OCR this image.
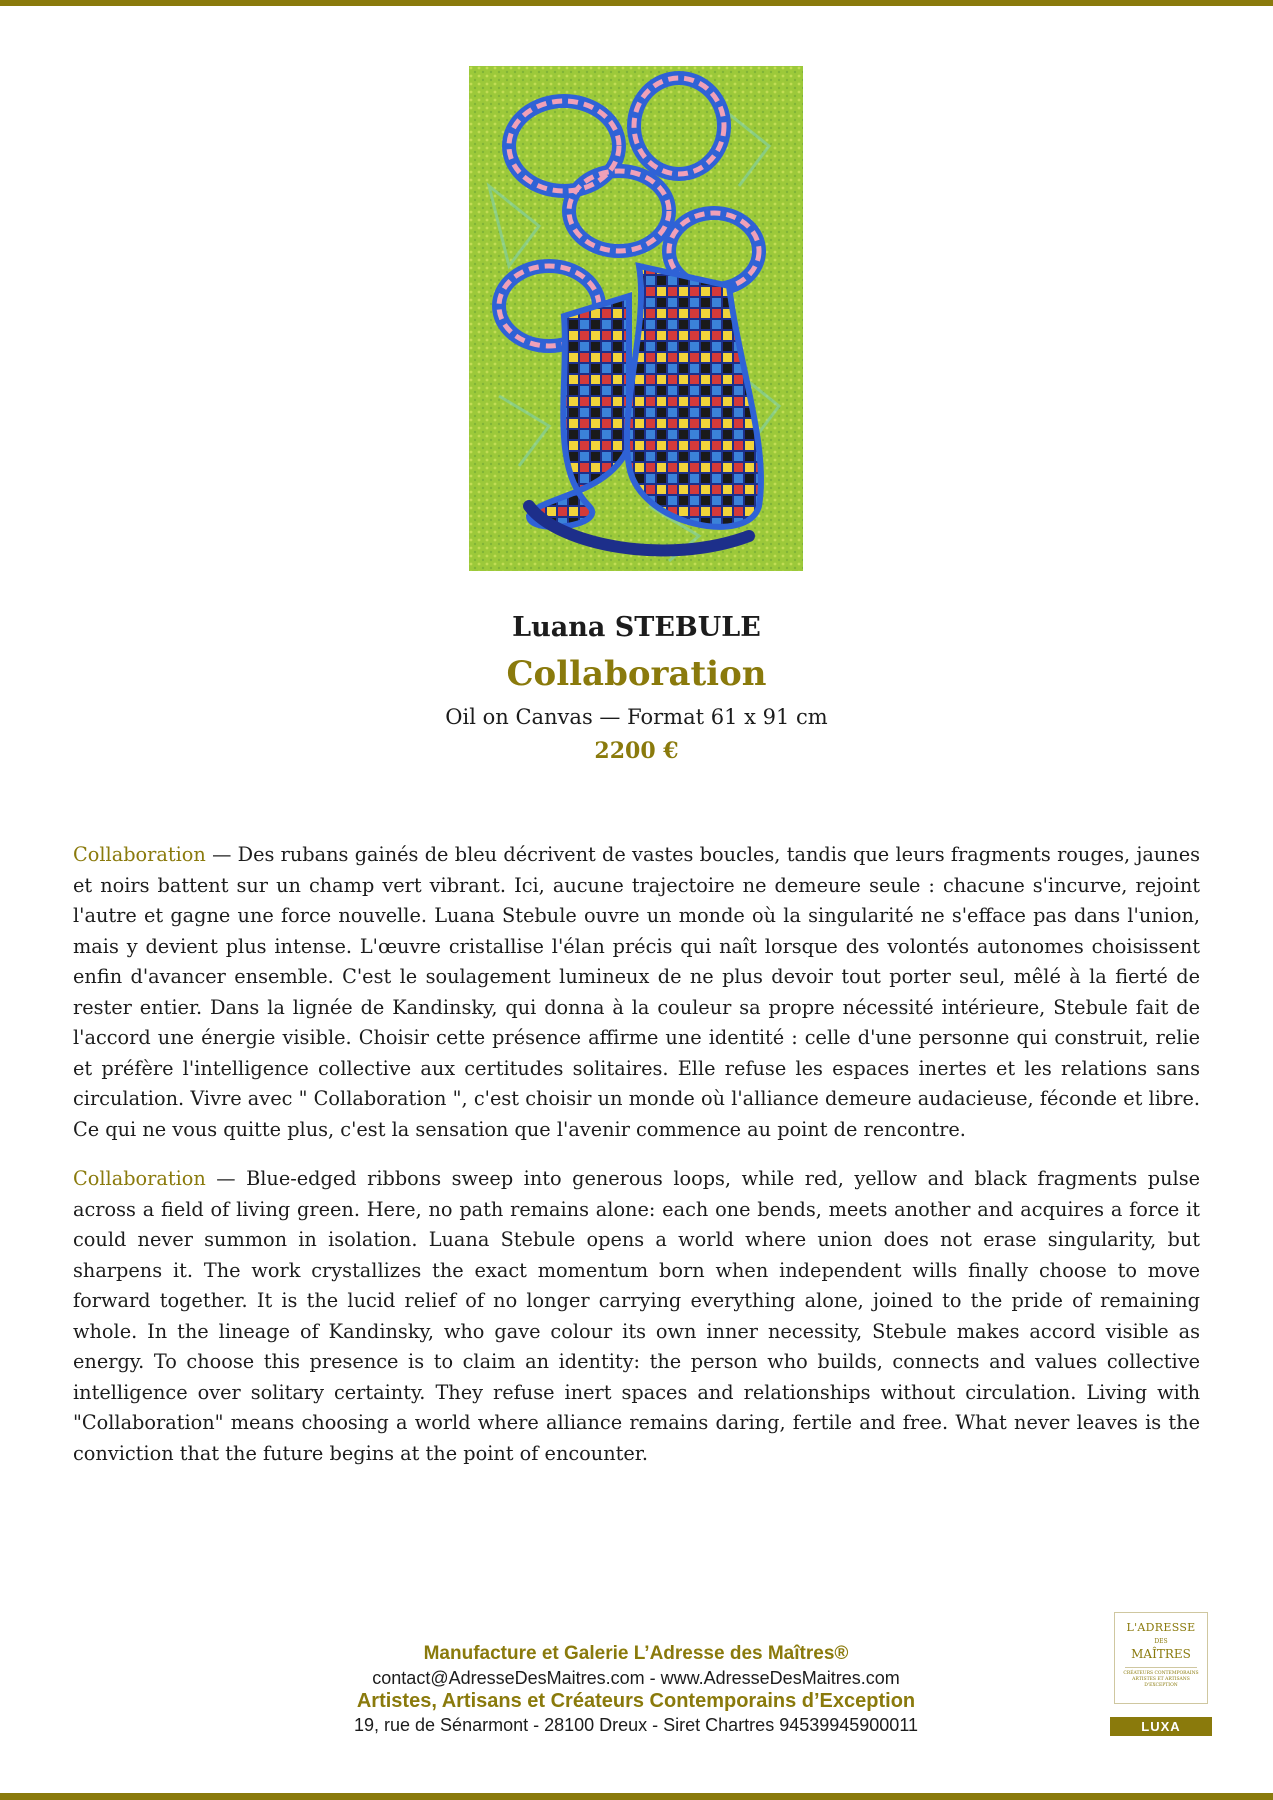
Luana STEBULE
Collaboration
Oil on Canvas — Format 61 x 91 cm
2200 €

Collaboration — Des rubans gainés de bleu décrivent de vastes boucles, tandis que leurs fragments rouges, jaunes et noirs battent sur un champ vert vibrant. Ici, aucune trajectoire ne demeure seule : chacune s'incurve, rejoint l'autre et gagne une force nouvelle. Luana Stebule ouvre un monde où la singularité ne s'efface pas dans l'union, mais y devient plus intense. L'œuvre cristallise l'élan précis qui naît lorsque des volontés autonomes choisissent enfin d'avancer ensemble. C'est le soulagement lumineux de ne plus devoir tout porter seul, mêlé à la fierté de rester entier. Dans la lignée de Kandinsky, qui donna à la couleur sa propre nécessité intérieure, Stebule fait de l'accord une énergie visible. Choisir cette présence affirme une identité : celle d'une personne qui construit, relie et préfère l'intelligence collective aux certitudes solitaires. Elle refuse les espaces inertes et les relations sans circulation. Vivre avec " Collaboration ", c'est choisir un monde où l'alliance demeure audacieuse, féconde et libre. Ce qui ne vous quitte plus, c'est la sensation que l'avenir commence au point de rencontre.

Collaboration — Blue-edged ribbons sweep into generous loops, while red, yellow and black fragments pulse across a field of living green. Here, no path remains alone: each one bends, meets another and acquires a force it could never summon in isolation. Luana Stebule opens a world where union does not erase singularity, but sharpens it. The work crystallizes the exact momentum born when independent wills finally choose to move forward together. It is the lucid relief of no longer carrying everything alone, joined to the pride of remaining whole. In the lineage of Kandinsky, who gave colour its own inner necessity, Stebule makes accord visible as energy. To choose this presence is to claim an identity: the person who builds, connects and values collective intelligence over solitary certainty. They refuse inert spaces and relationships without circulation. Living with "Collaboration" means choosing a world where alliance remains daring, fertile and free. What never leaves is the conviction that the future begins at the point of encounter.

Manufacture et Galerie L’Adresse des Maîtres®
contact@AdresseDesMaitres.com - www.AdresseDesMaitres.com
Artistes, Artisans et Créateurs Contemporains d’Exception
19, rue de Sénarmont - 28100 Dreux - Siret Chartres 94539945900011
L'ADRESSE
DES
MAÎTRES
CRÉATEURS CONTEMPORAINS ARTISTES ET ARTISANS D'EXCEPTION
LUXA
